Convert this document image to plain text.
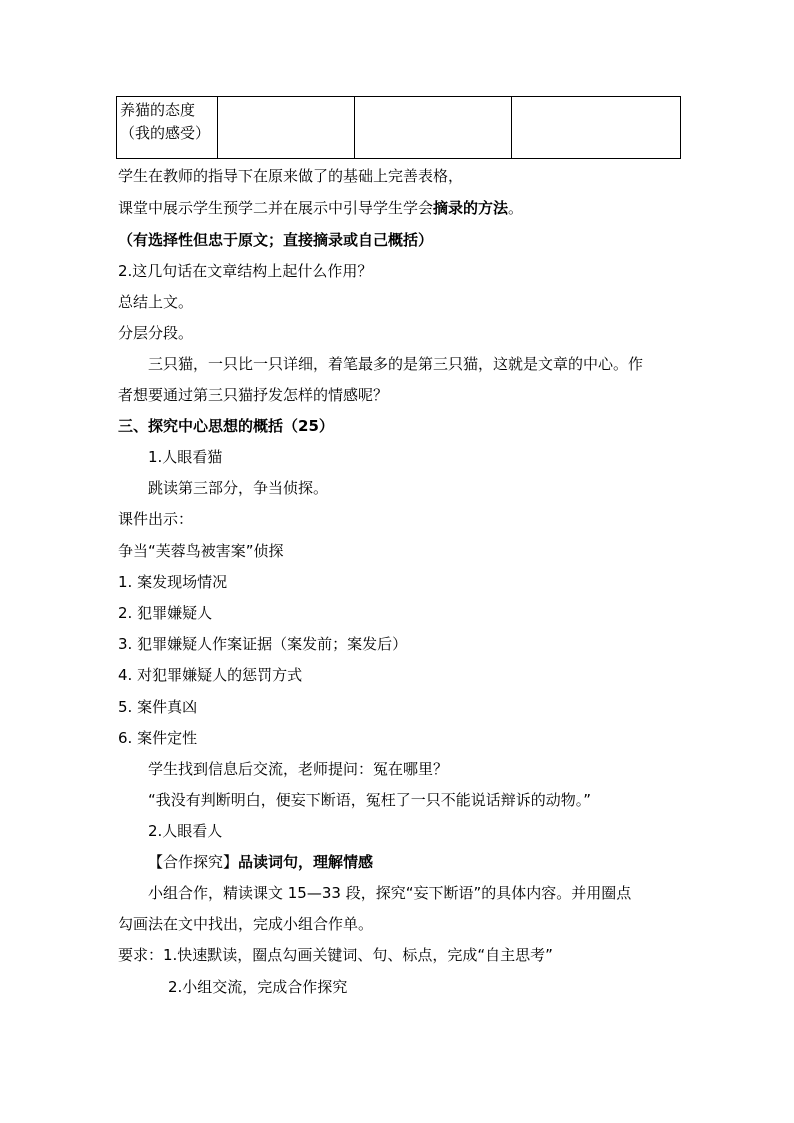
养猫的态度
（我的感受）

学生在教师的指导下在原来做了的基础上完善表格，
课堂中展示学生预学二并在展示中引导学生学会摘录的方法。
（有选择性但忠于原文；直接摘录或自己概括）
2.这几句话在文章结构上起什么作用？
总结上文。
分层分段。
三只猫，一只比一只详细，着笔最多的是第三只猫，这就是文章的中心。作
者想要通过第三只猫抒发怎样的情感呢？
三、探究中心思想的概括（25）
1.人眼看猫
跳读第三部分，争当侦探。
课件出示：
争当“芙蓉鸟被害案”侦探
1. 案发现场情况
2. 犯罪嫌疑人
3. 犯罪嫌疑人作案证据（案发前；案发后）
4. 对犯罪嫌疑人的惩罚方式
5. 案件真凶
6. 案件定性
学生找到信息后交流，老师提问：冤在哪里？
“我没有判断明白，便妄下断语，冤枉了一只不能说话辩诉的动物。”
2.人眼看人
【合作探究】品读词句，理解情感
小组合作，精读课文 15—33 段，探究“妄下断语”的具体内容。并用圈点
勾画法在文中找出，完成小组合作单。
要求：1.快速默读，圈点勾画关键词、句、标点，完成“自主思考”
2.小组交流，完成合作探究
